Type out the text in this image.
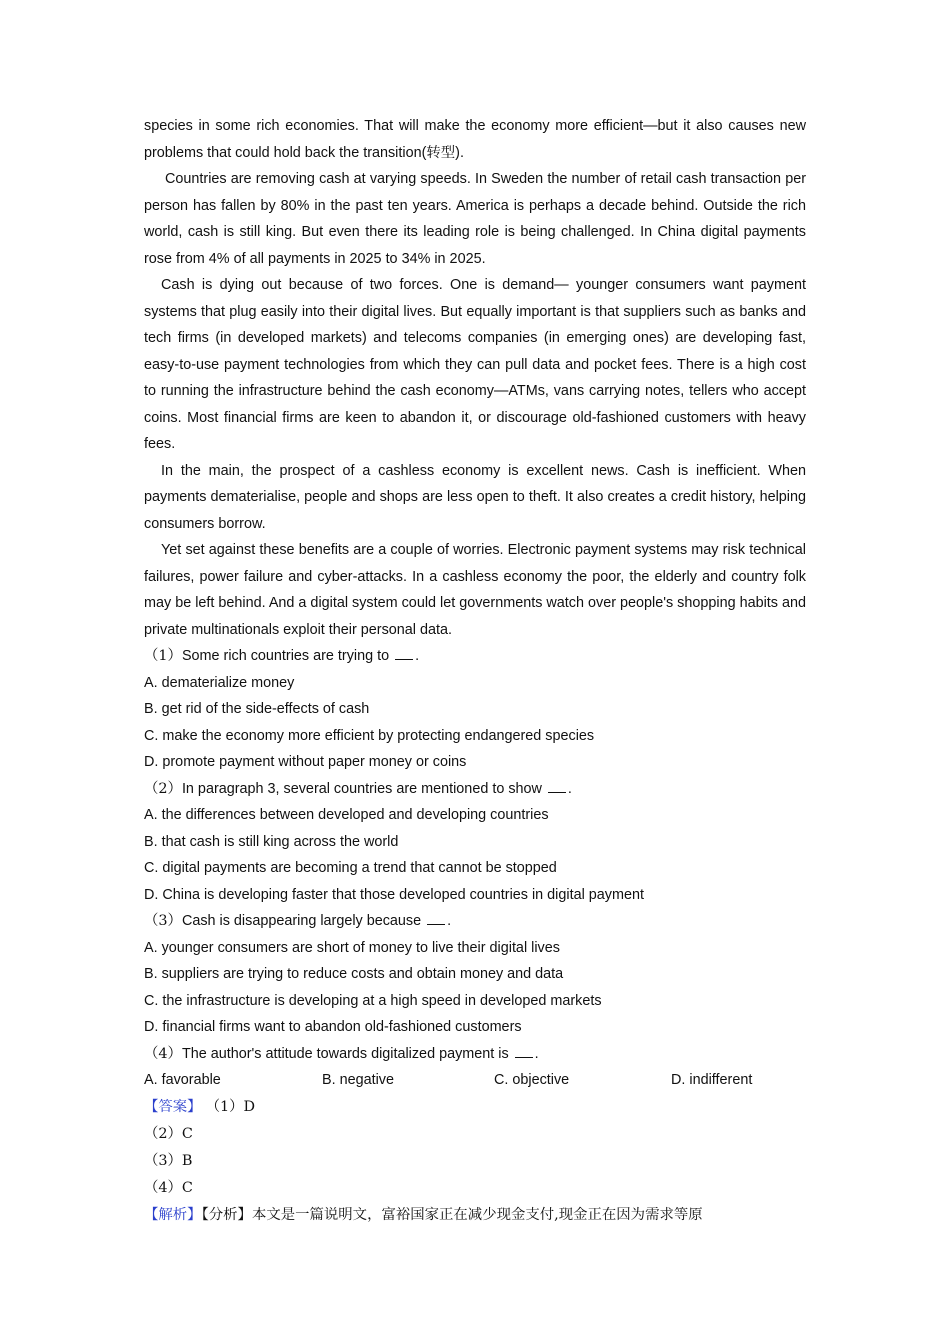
species in some rich economies. That will make the economy more efficient—but it also causes new problems that could hold back the transition(转型).

Countries are removing cash at varying speeds. In Sweden the number of retail cash transaction per person has fallen by 80% in the past ten years. America is perhaps a decade behind. Outside the rich world, cash is still king. But even there its leading role is being challenged. In China digital payments rose from 4% of all payments in 2025 to 34% in 2025.

Cash is dying out because of two forces. One is demand— younger consumers want payment systems that plug easily into their digital lives. But equally important is that suppliers such as banks and tech firms (in developed markets) and telecoms companies (in emerging ones) are developing fast, easy-to-use payment technologies from which they can pull data and pocket fees. There is a high cost to running the infrastructure behind the cash economy—ATMs, vans carrying notes, tellers who accept coins. Most financial firms are keen to abandon it, or discourage old-fashioned customers with heavy fees.

In the main, the prospect of a cashless economy is excellent news. Cash is inefficient. When payments dematerialise, people and shops are less open to theft. It also creates a credit history, helping consumers borrow.

Yet set against these benefits are a couple of worries. Electronic payment systems may risk technical failures, power failure and cyber-attacks. In a cashless economy the poor, the elderly and country folk may be left behind. And a digital system could let governments watch over people's shopping habits and private multinationals exploit their personal data.

（1）Some rich countries are trying to .

A. dematerialize money

B. get rid of the side-effects of cash

C. make the economy more efficient by protecting endangered species

D. promote payment without paper money or coins

（2）In paragraph 3, several countries are mentioned to show .

A. the differences between developed and developing countries

B. that cash is still king across the world

C. digital payments are becoming a trend that cannot be stopped

D. China is developing faster that those developed countries in digital payment

（3）Cash is disappearing largely because .

A. younger consumers are short of money to live their digital lives

B. suppliers are trying to reduce costs and obtain money and data

C. the infrastructure is developing at a high speed in developed markets

D. financial firms want to abandon old-fashioned customers

（4）The author's attitude towards digitalized payment is .

A. favorable	B. negative	C. objective	D. indifferent

【答案】 （1）D

（2）C

（3）B

（4）C

【解析】【分析】本文是一篇说明文，富裕国家正在减少现金支付,现金正在因为需求等原
